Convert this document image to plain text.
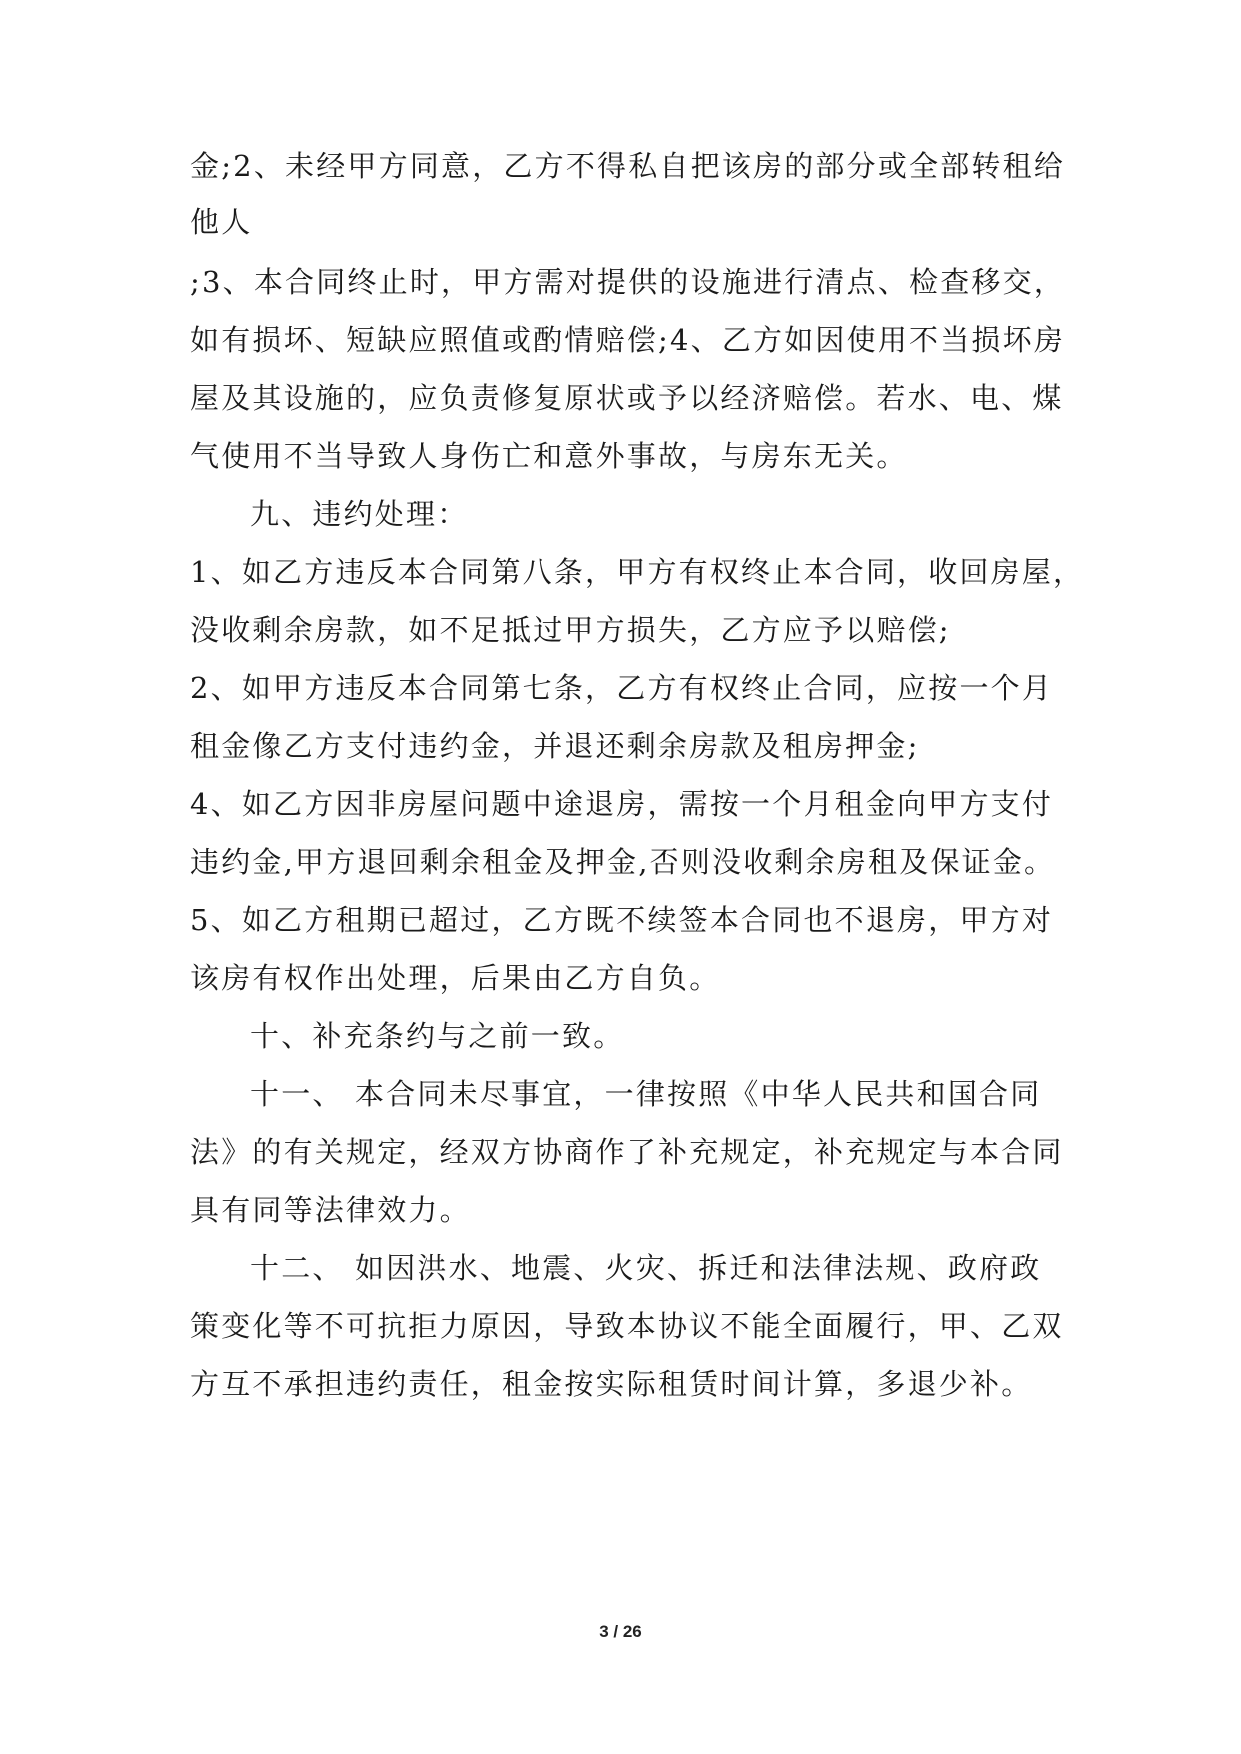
金;2、未经甲方同意，乙方不得私自把该房的部分或全部转租给
他人
;3、本合同终止时，甲方需对提供的设施进行清点、检查移交，
如有损坏、短缺应照值或酌情赔偿;4、乙方如因使用不当损坏房
屋及其设施的，应负责修复原状或予以经济赔偿。若水、电、煤
气使用不当导致人身伤亡和意外事故，与房东无关。
九、违约处理：
1、如乙方违反本合同第八条，甲方有权终止本合同，收回房屋，
没收剩余房款，如不足抵过甲方损失，乙方应予以赔偿;
2、如甲方违反本合同第七条，乙方有权终止合同，应按一个月
租金像乙方支付违约金，并退还剩余房款及租房押金;
4、如乙方因非房屋问题中途退房，需按一个月租金向甲方支付
违约金,甲方退回剩余租金及押金,否则没收剩余房租及保证金。
5、如乙方租期已超过，乙方既不续签本合同也不退房，甲方对
该房有权作出处理，后果由乙方自负。
十、补充条约与之前一致。
十一、 本合同未尽事宜，一律按照《中华人民共和国合同
法》的有关规定，经双方协商作了补充规定，补充规定与本合同
具有同等法律效力。
十二、 如因洪水、地震、火灾、拆迁和法律法规、政府政
策变化等不可抗拒力原因，导致本协议不能全面履行，甲、乙双
方互不承担违约责任，租金按实际租赁时间计算，多退少补。
3 / 26
